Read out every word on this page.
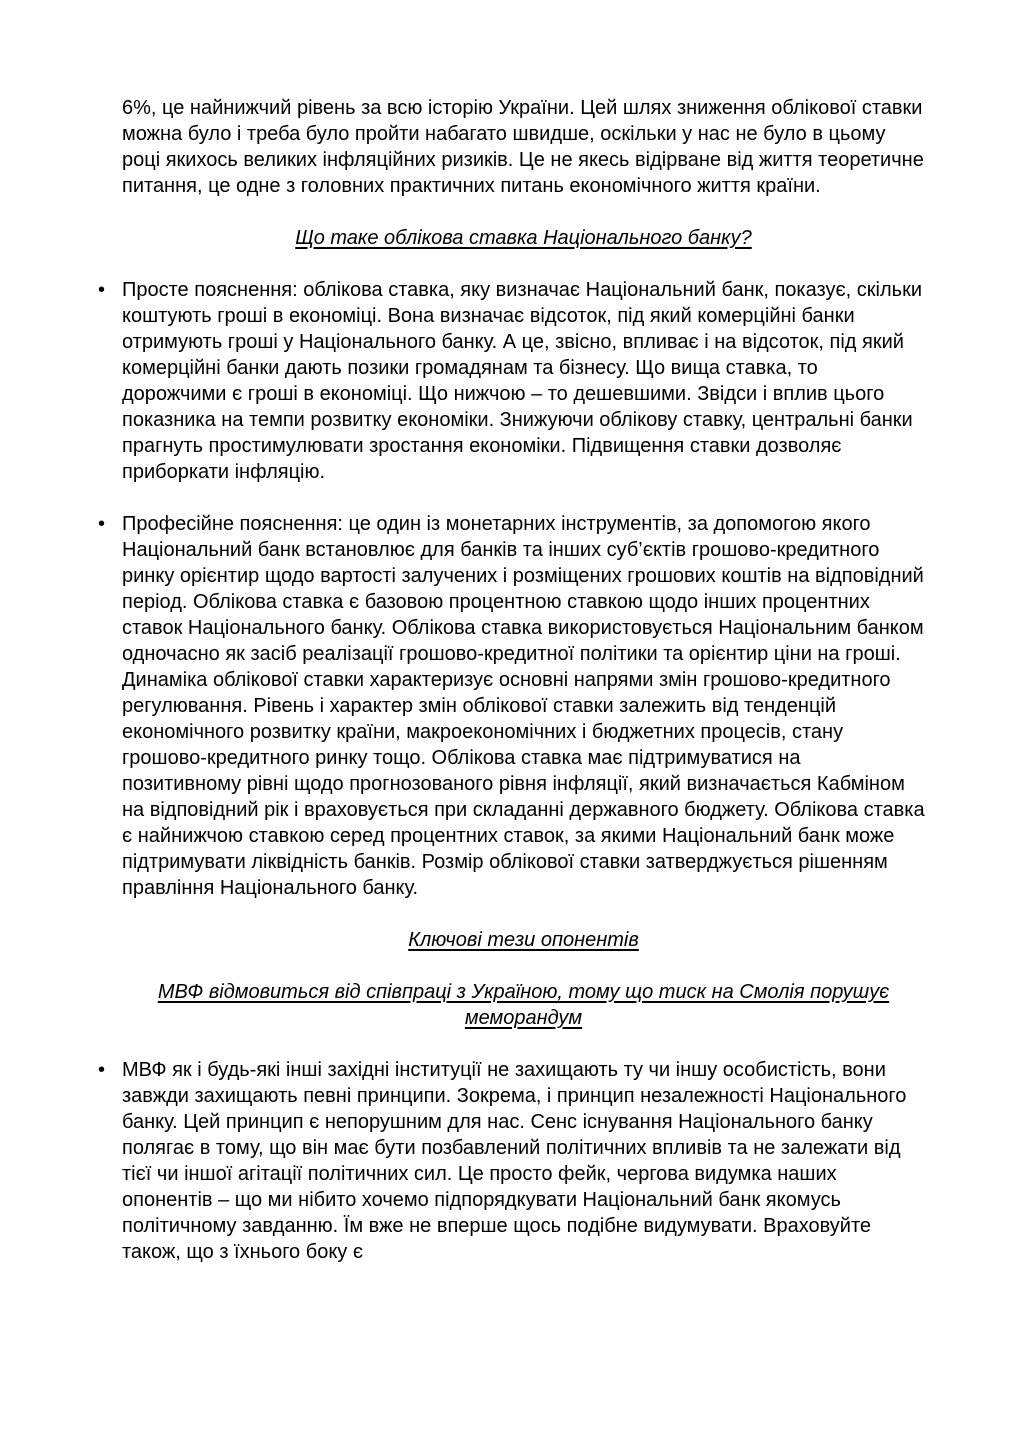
6%, це найнижчий рівень за всю історію України. Цей шлях зниження облікової ставки можна було і треба було пройти набагато швидше, оскільки у нас не було в цьому році якихось великих інфляційних ризиків. Це не якесь відірване від життя теоретичне питання, це одне з головних практичних питань економічного життя країни.

Що таке облікова ставка Національного банку?
• Просте пояснення: облікова ставка, яку визначає Національний банк, показує, скільки коштують гроші в економіці. Вона визначає відсоток, під який комерційні банки отримують гроші у Національного банку. А це, звісно, впливає і на відсоток, під який комерційні банки дають позики громадянам та бізнесу. Що вища ставка, то дорожчими є гроші в економіці. Що нижчою – то дешевшими. Звідси і вплив цього показника на темпи розвитку економіки. Знижуючи облікову ставку, центральні банки прагнуть простимулювати зростання економіки. Підвищення ставки дозволяє приборкати інфляцію.

• Професійне пояснення: це один із монетарних інструментів, за допомогою якого Національний банк встановлює для банків та інших суб’єктів грошово-кредитного ринку орієнтир щодо вартості залучених і розміщених грошових коштів на відповідний період. Облікова ставка є базовою процентною ставкою щодо інших процентних ставок Національного банку. Облікова ставка використовується Національним банком одночасно як засіб реалізації грошово-кредитної політики та орієнтир ціни на гроші. Динаміка облікової ставки характеризує основні напрями змін грошово-кредитного регулювання. Рівень і характер змін облікової ставки залежить від тенденцій економічного розвитку країни, макроекономічних і бюджетних процесів, стану грошово-кредитного ринку тощо. Облікова ставка має підтримуватися на позитивному рівні щодо прогнозованого рівня інфляції, який визначається Кабміном на відповідний рік і враховується при складанні державного бюджету. Облікова ставка є найнижчою ставкою серед процентних ставок, за якими Національний банк може підтримувати ліквідність банків. Розмір облікової ставки затверджується рішенням правління Національного банку.

Ключові тези опонентів
МВФ відмовиться від співпраці з Україною, тому що тиск на Смолія порушує меморандум
• МВФ як і будь-які інші західні інституції не захищають ту чи іншу особистість, вони завжди захищають певні принципи. Зокрема, і принцип незалежності Національного банку. Цей принцип є непорушним для нас. Сенс існування Національного банку полягає в тому, що він має бути позбавлений політичних впливів та не залежати від тієї чи іншої агітації політичних сил. Це просто фейк, чергова видумка наших опонентів – що ми нібито хочемо підпорядкувати Національний банк якомусь політичному завданню. Їм вже не вперше щось подібне видумувати. Враховуйте також, що з їхнього боку є
